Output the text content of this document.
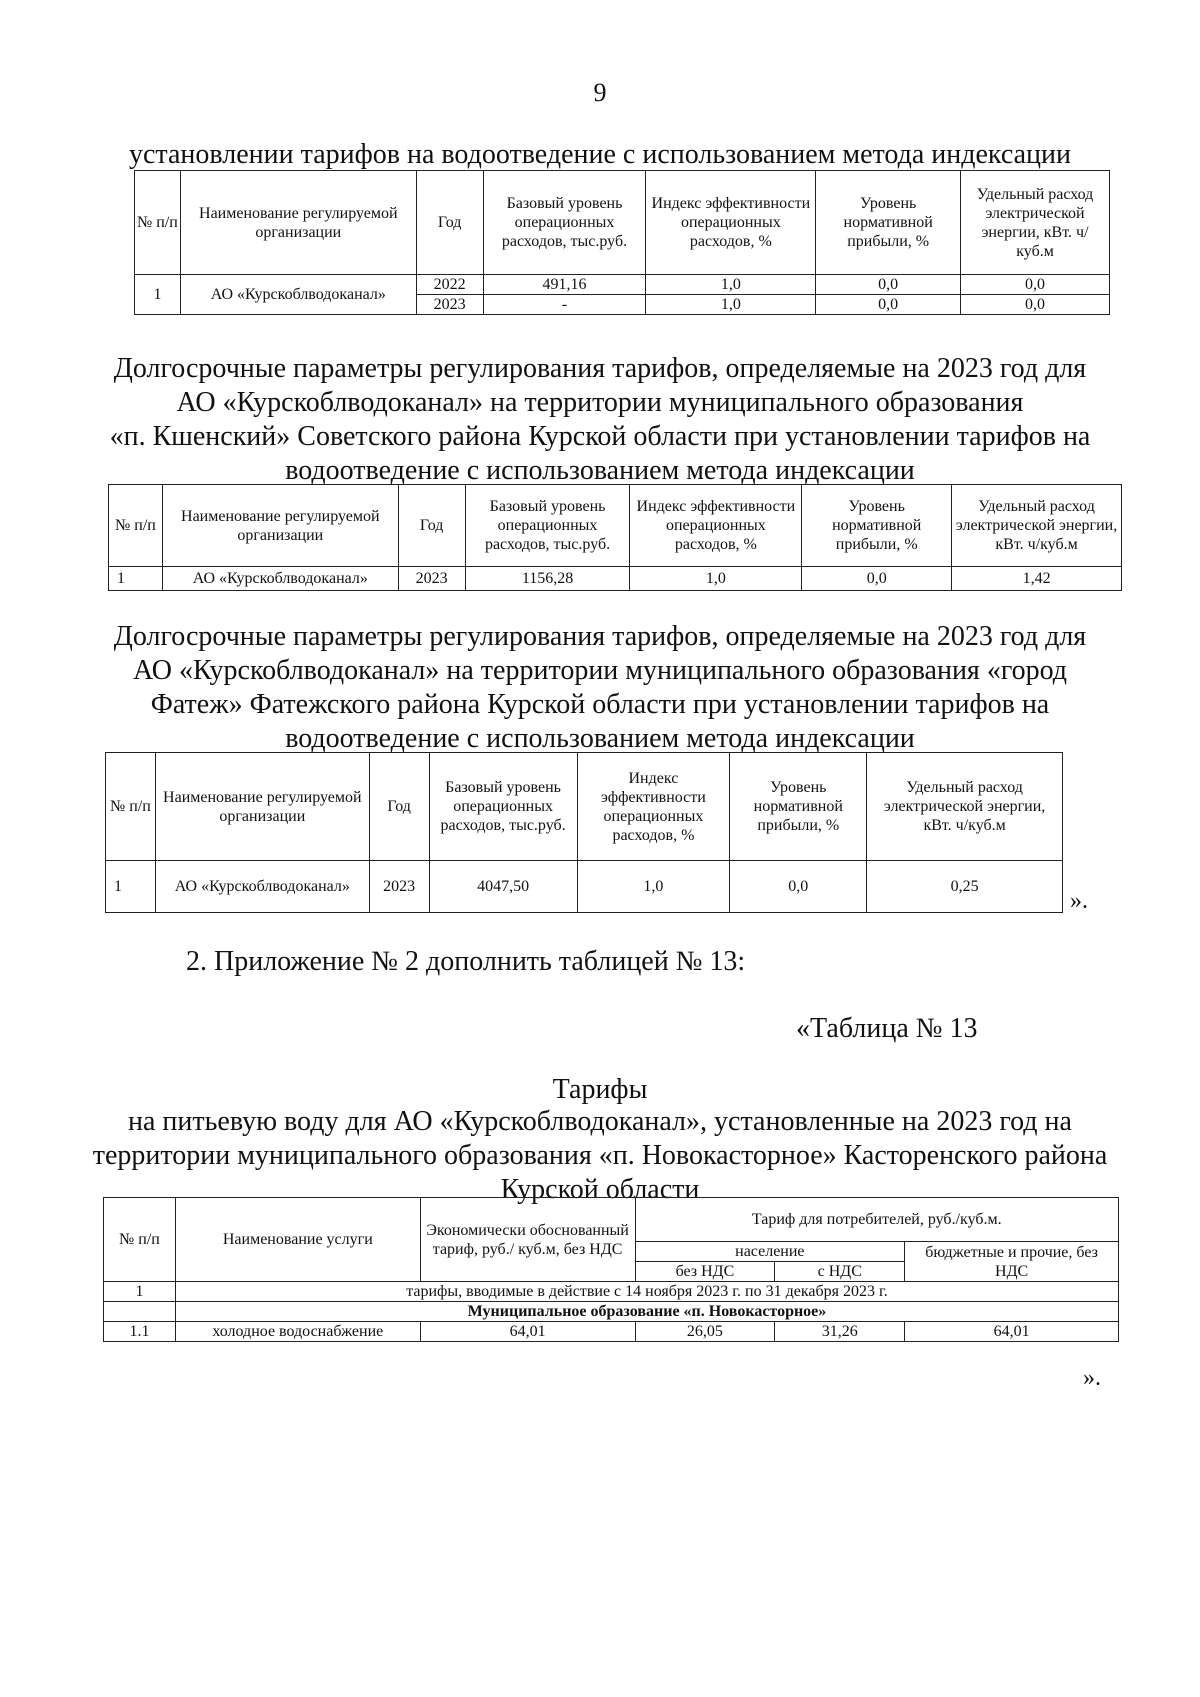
9
установлении тарифов на водоотведение с использованием метода индексации
№ п/п	Наименование регулируемой организации	Год	Базовый уровень операционных расходов, тыс.руб.	Индекс эффективности операционных расходов, %	Уровень нормативной прибыли, %	Удельный расход электрической энергии, кВт. ч/куб.м
1	АО «Курскоблводоканал»	2022	491,16	1,0	0,0	0,0
		2023	-	1,0	0,0	0,0
Долгосрочные параметры регулирования тарифов, определяемые на 2023 год для
АО «Курскоблводоканал» на территории муниципального образования
«п. Кшенский» Советского района Курской области при установлении тарифов на
водоотведение с использованием метода индексации
№ п/п	Наименование регулируемой организации	Год	Базовый уровень операционных расходов, тыс.руб.	Индекс эффективности операционных расходов, %	Уровень нормативной прибыли, %	Удельный расход электрической энергии, кВт. ч/куб.м
1	АО «Курскоблводоканал»	2023	1156,28	1,0	0,0	1,42
Долгосрочные параметры регулирования тарифов, определяемые на 2023 год для
АО «Курскоблводоканал» на территории муниципального образования «город
Фатеж» Фатежского района Курской области при установлении тарифов на
водоотведение с использованием метода индексации
№ п/п	Наименование регулируемой организации	Год	Базовый уровень операционных расходов, тыс.руб.	Индекс эффективности операционных расходов, %	Уровень нормативной прибыли, %	Удельный расход электрической энергии, кВт. ч/куб.м
1	АО «Курскоблводоканал»	2023	4047,50	1,0	0,0	0,25
».
2. Приложение № 2 дополнить таблицей № 13:
«Таблица № 13
Тарифы
на питьевую воду для АО «Курскоблводоканал», установленные на 2023 год на
территории муниципального образования «п. Новокасторное» Касторенского района
Курской области
№ п/п	Наименование услуги	Экономически обоснованный тариф, руб./ куб.м, без НДС	Тариф для потребителей, руб./куб.м.		
			население		бюджетные и прочие, без НДС
			без НДС	с НДС	
1	тарифы, вводимые в действие с 14 ноября 2023 г. по 31 декабря 2023 г.				
	Муниципальное образование «п. Новокасторное»				
1.1	холодное водоснабжение	64,01	26,05	31,26	64,01
».
